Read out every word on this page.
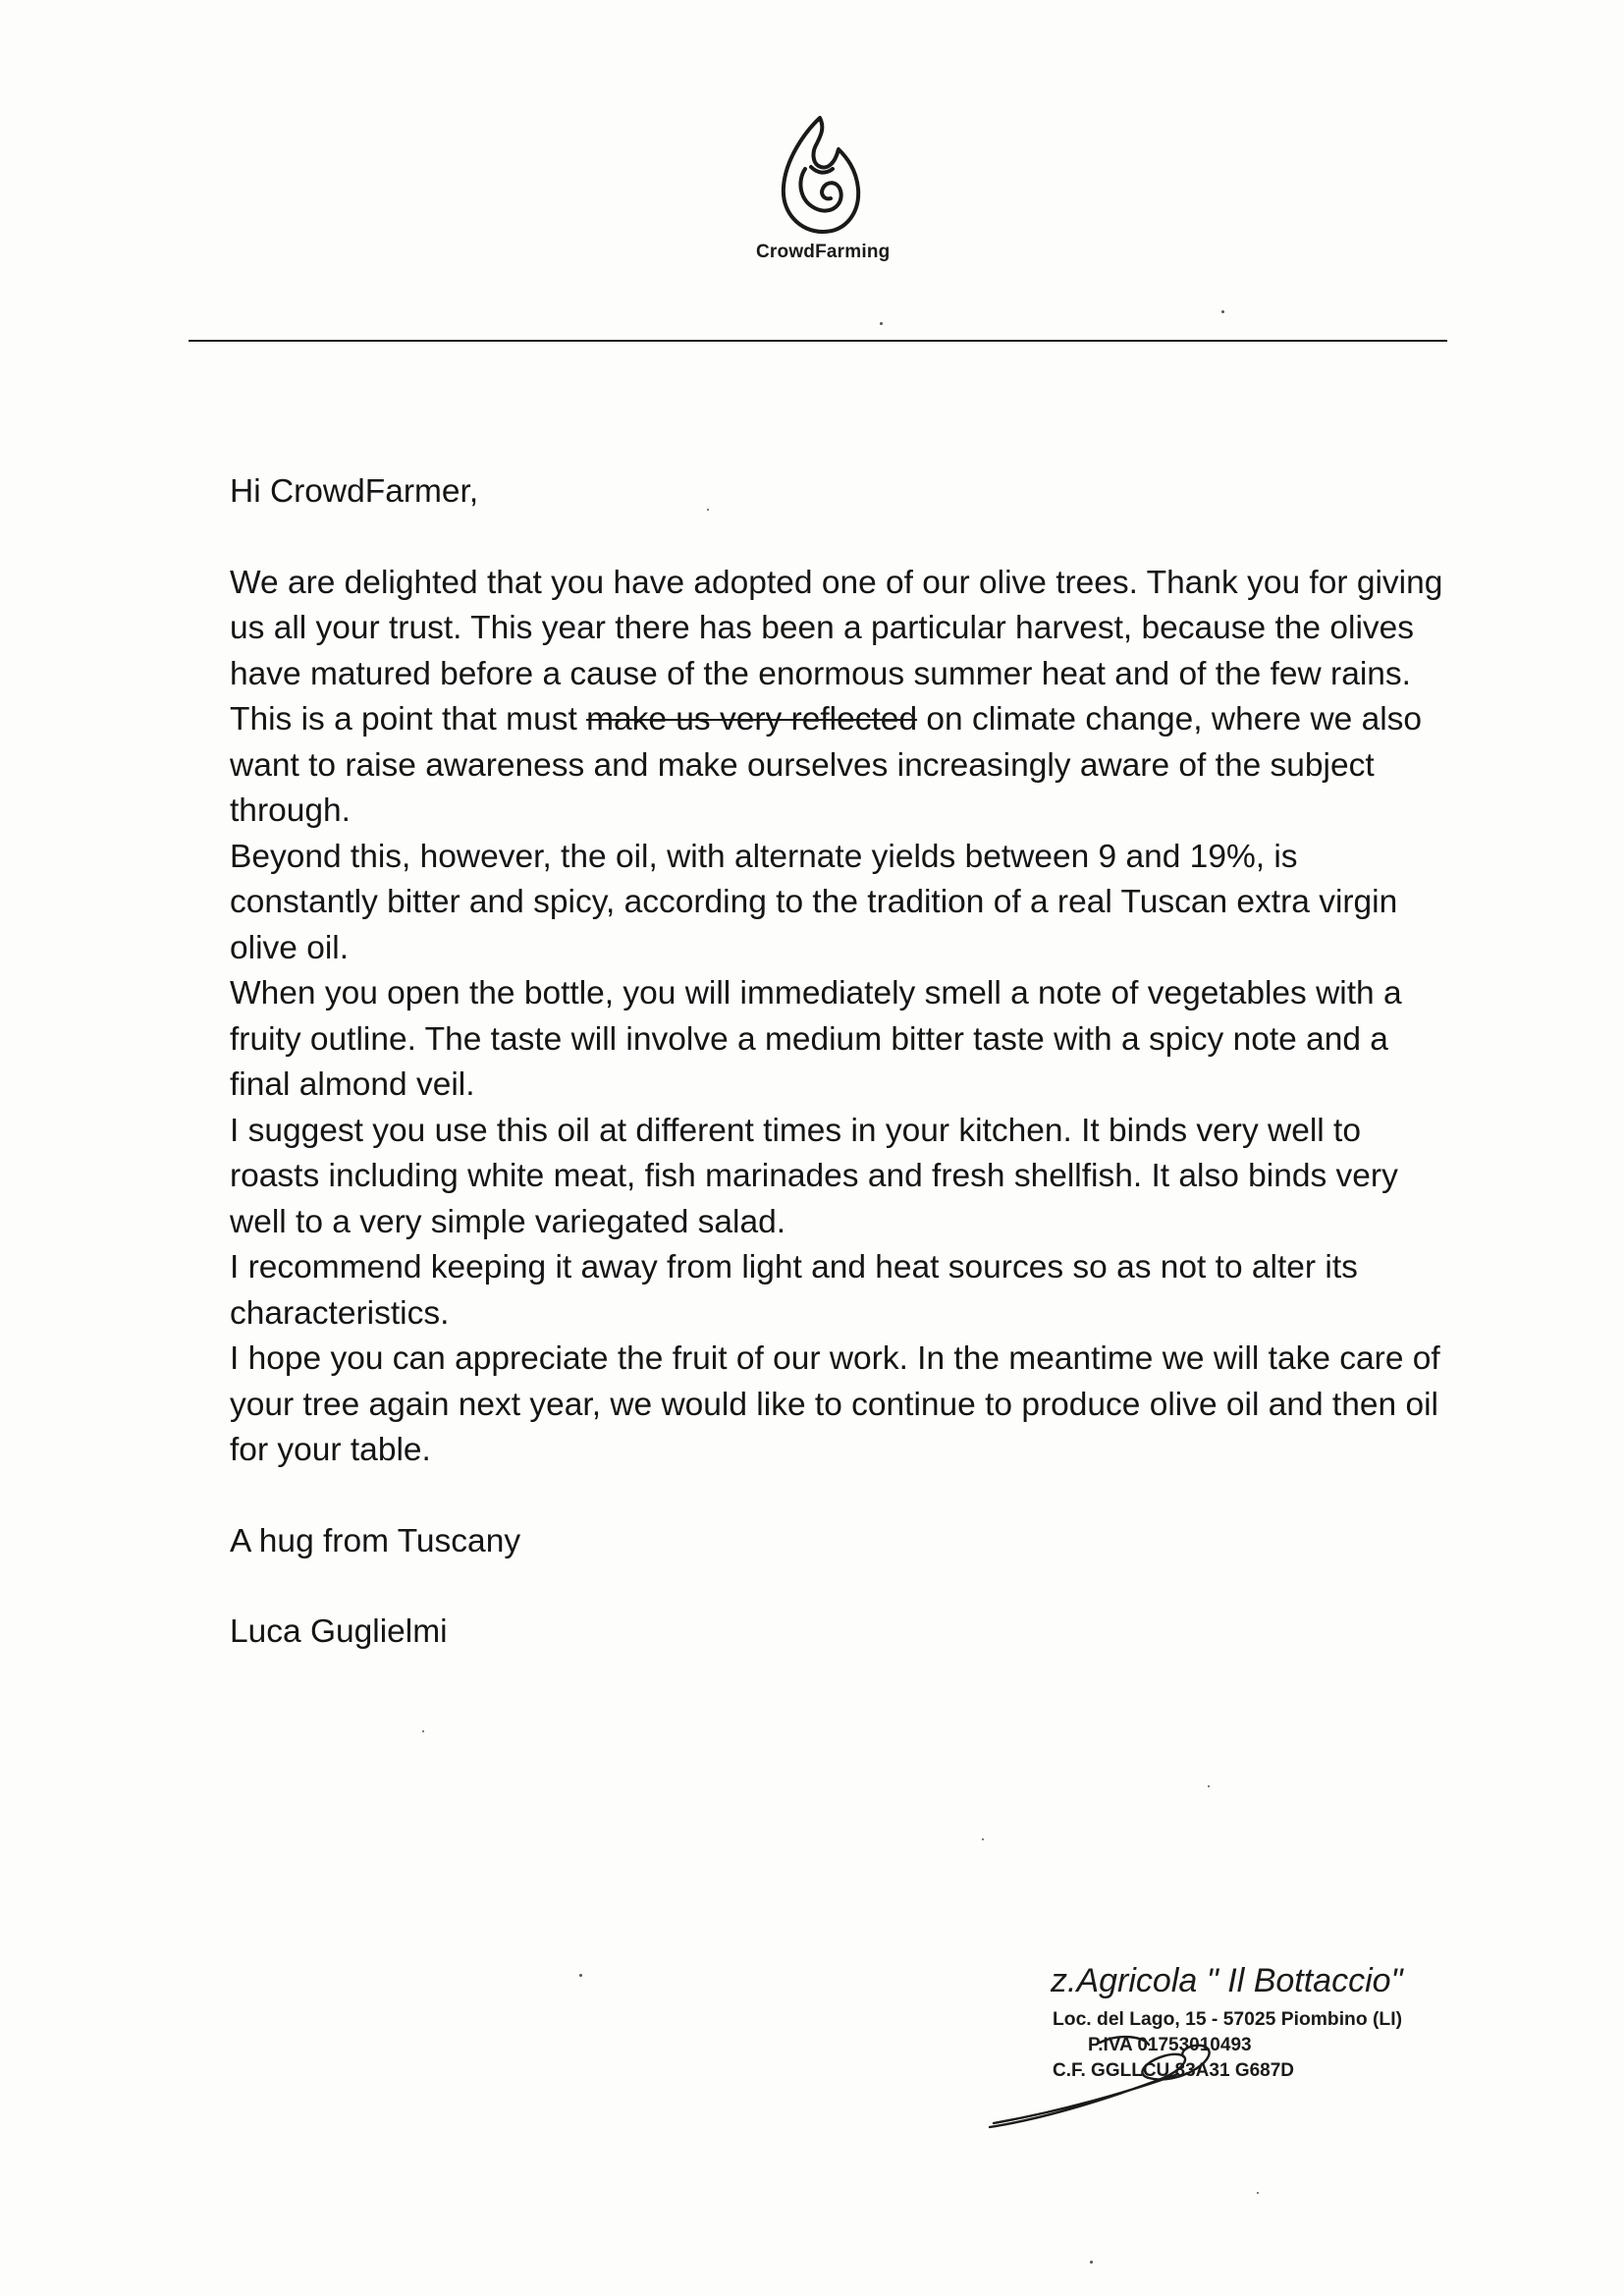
CrowdFarming

Hi CrowdFarmer,

We are delighted that you have adopted one of our olive trees. Thank you for giving us all your trust. This year there has been a particular harvest, because the olives have matured before a cause of the enormous summer heat and of the few rains. This is a point that must make us very reflected on climate change, where we also want to raise awareness and make ourselves increasingly aware of the subject through.

Beyond this, however, the oil, with alternate yields between 9 and 19%, is constantly bitter and spicy, according to the tradition of a real Tuscan extra virgin olive oil.

When you open the bottle, you will immediately smell a note of vegetables with a fruity outline. The taste will involve a medium bitter taste with a spicy note and a final almond veil.

I suggest you use this oil at different times in your kitchen. It binds very well to roasts including white meat, fish marinades and fresh shellfish. It also binds very well to a very simple variegated salad.

I recommend keeping it away from light and heat sources so as not to alter its characteristics.

I hope you can appreciate the fruit of our work. In the meantime we will take care of your tree again next year, we would like to continue to produce olive oil and then oil for your table.

A hug from Tuscany

Luca Guglielmi

z.Agricola " Il Bottaccio"
Loc. del Lago, 15 - 57025 Piombino (LI)
P.IVA 01753010493
C.F. GGLLCU 83A31 G687D
